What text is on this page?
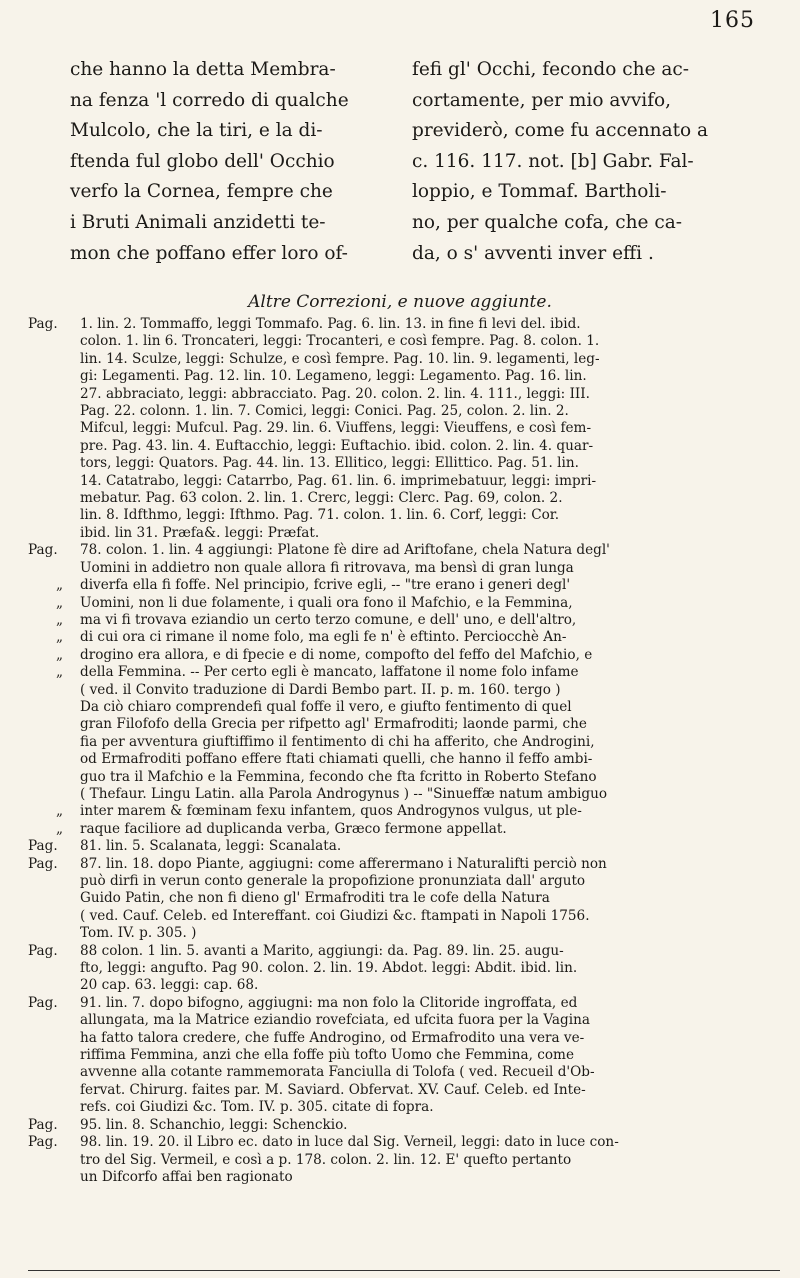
165
che hanno la detta Membra-
na fenza 'l corredo di qualche
Mulcolo, che la tiri, e la di-
ftenda ful globo dell' Occhio
verfo la Cornea, fempre che
i Bruti Animali anzidetti te-
mon che poffano effer loro of-
fefi gl' Occhi, fecondo che ac-
cortamente, per mio avvifo,
previderò, come fu accennato a
c. 116. 117. not. [b] Gabr. Fal-
loppio, e Tommaf. Bartholi-
no, per qualche cofa, che ca-
da, o s' avventi inver effi .
Altre Correzioni, e nuove aggiunte.
Pag.	1. lin. 2. Tommaffo, leggi Tommafo. Pag. 6. lin. 13. in fine fi levi del. ibid.
colon. 1. lin 6. Troncateri, leggi: Trocanteri, e così fempre. Pag. 8. colon. 1.
lin. 14. Sculze, leggi: Schulze, e così fempre. Pag. 10. lin. 9. legamenti, leg-
gi: Legamenti. Pag. 12. lin. 10. Legameno, leggi: Legamento. Pag. 16. lin.
27. abbraciato, leggi: abbracciato. Pag. 20. colon. 2. lin. 4. 111., leggi: III.
Pag. 22. colonn. 1. lin. 7. Comici, leggi: Conici. Pag. 25, colon. 2. lin. 2.
Mifcul, leggi: Mufcul. Pag. 29. lin. 6. Viuffens, leggi: Vieuffens, e così fem-
pre. Pag. 43. lin. 4. Euftacchio, leggi: Euftachio. ibid. colon. 2. lin. 4. quar-
tors, leggi: Quators. Pag. 44. lin. 13. Ellitico, leggi: Ellittico. Pag. 51. lin.
14. Catatrabo, leggi: Catarrbo, Pag. 61. lin. 6. imprimebatuur, leggi: impri-
mebatur. Pag. 63 colon. 2. lin. 1. Crerc, leggi: Clerc. Pag. 69, colon. 2.
lin. 8. Idfthmo, leggi: Ifthmo. Pag. 71. colon. 1. lin. 6. Corf, leggi: Cor.
ibid. lin 31. Præfa&. leggi: Præfat.
Pag.	78. colon. 1. lin. 4 aggiungi: Platone fè dire ad Ariftofane, chela Natura degl'
Uomini in addietro non quale allora fi ritrovava, ma bensì di gran lunga
„	diverfa ella fi foffe. Nel principio, fcrive egli, -- "tre erano i generi degl'
„	Uomini, non li due folamente, i quali ora fono il Mafchio, e la Femmina,
„	ma vi fi trovava eziandio un certo terzo comune, e dell' uno, e dell'altro,
„	di cui ora ci rimane il nome folo, ma egli fe n' è eftinto. Perciocchè An-
„	drogino era allora, e di fpecie e di nome, compofto del feffo del Mafchio, e
„	della Femmina. -- Per certo egli è mancato, laffatone il nome folo infame
( ved. il Convito traduzione di Dardi Bembo part. II. p. m. 160. tergo )
Da ciò chiaro comprendefi qual foffe il vero, e giufto fentimento di quel
gran Filofofo della Grecia per rifpetto agl' Ermafroditi; laonde parmi, che
fia per avventura giuftiffimo il fentimento di chi ha afferito, che Androgini,
od Ermafroditi poffano effere ftati chiamati quelli, che hanno il feffo ambi-
guo tra il Mafchio e la Femmina, fecondo che fta fcritto in Roberto Stefano
( Thefaur. Lingu Latin. alla Parola Androgynus ) -- "Sinueffæ natum ambiguo
„	inter marem & fœminam fexu infantem, quos Androgynos vulgus, ut ple-
„	raque faciliore ad duplicanda verba, Græco fermone appellat.
Pag.	81. lin. 5. Scalanata, leggi: Scanalata.
Pag.	87. lin. 18. dopo Piante, aggiugni: come afferermano i Naturalifti perciò non
può dirfi in verun conto generale la propofizione pronunziata dall' arguto
Guido Patin, che non fi dieno gl' Ermafroditi tra le cofe della Natura
( ved. Cauf. Celeb. ed Intereffant. coi Giudizi &c. ftampati in Napoli 1756.
Tom. IV. p. 305. )
Pag.	88 colon. 1 lin. 5. avanti a Marito, aggiungi: da. Pag. 89. lin. 25. augu-
fto, leggi: angufto. Pag 90. colon. 2. lin. 19. Abdot. leggi: Abdit. ibid. lin.
20 cap. 63. leggi: cap. 68.
Pag.	91. lin. 7. dopo bifogno, aggiugni: ma non folo la Clitoride ingroffata, ed
allungata, ma la Matrice eziandio rovefciata, ed ufcita fuora per la Vagina
ha fatto talora credere, che fuffe Androgino, od Ermafrodito una vera ve-
riffima Femmina, anzi che ella foffe più tofto Uomo che Femmina, come
avvenne alla cotante rammemorata Fanciulla di Tolofa ( ved. Recueil d'Ob-
fervat. Chirurg. faites par. M. Saviard. Obfervat. XV. Cauf. Celeb. ed Inte-
refs. coi Giudizi &c. Tom. IV. p. 305. citate di fopra.
Pag.	95. lin. 8. Schanchio, leggi: Schenckio.
Pag.	98. lin. 19. 20. il Libro ec. dato in luce dal Sig. Verneil, leggi: dato in luce con-
tro del Sig. Vermeil, e così a p. 178. colon. 2. lin. 12. E' quefto pertanto
un Difcorfo affai ben ragionato
